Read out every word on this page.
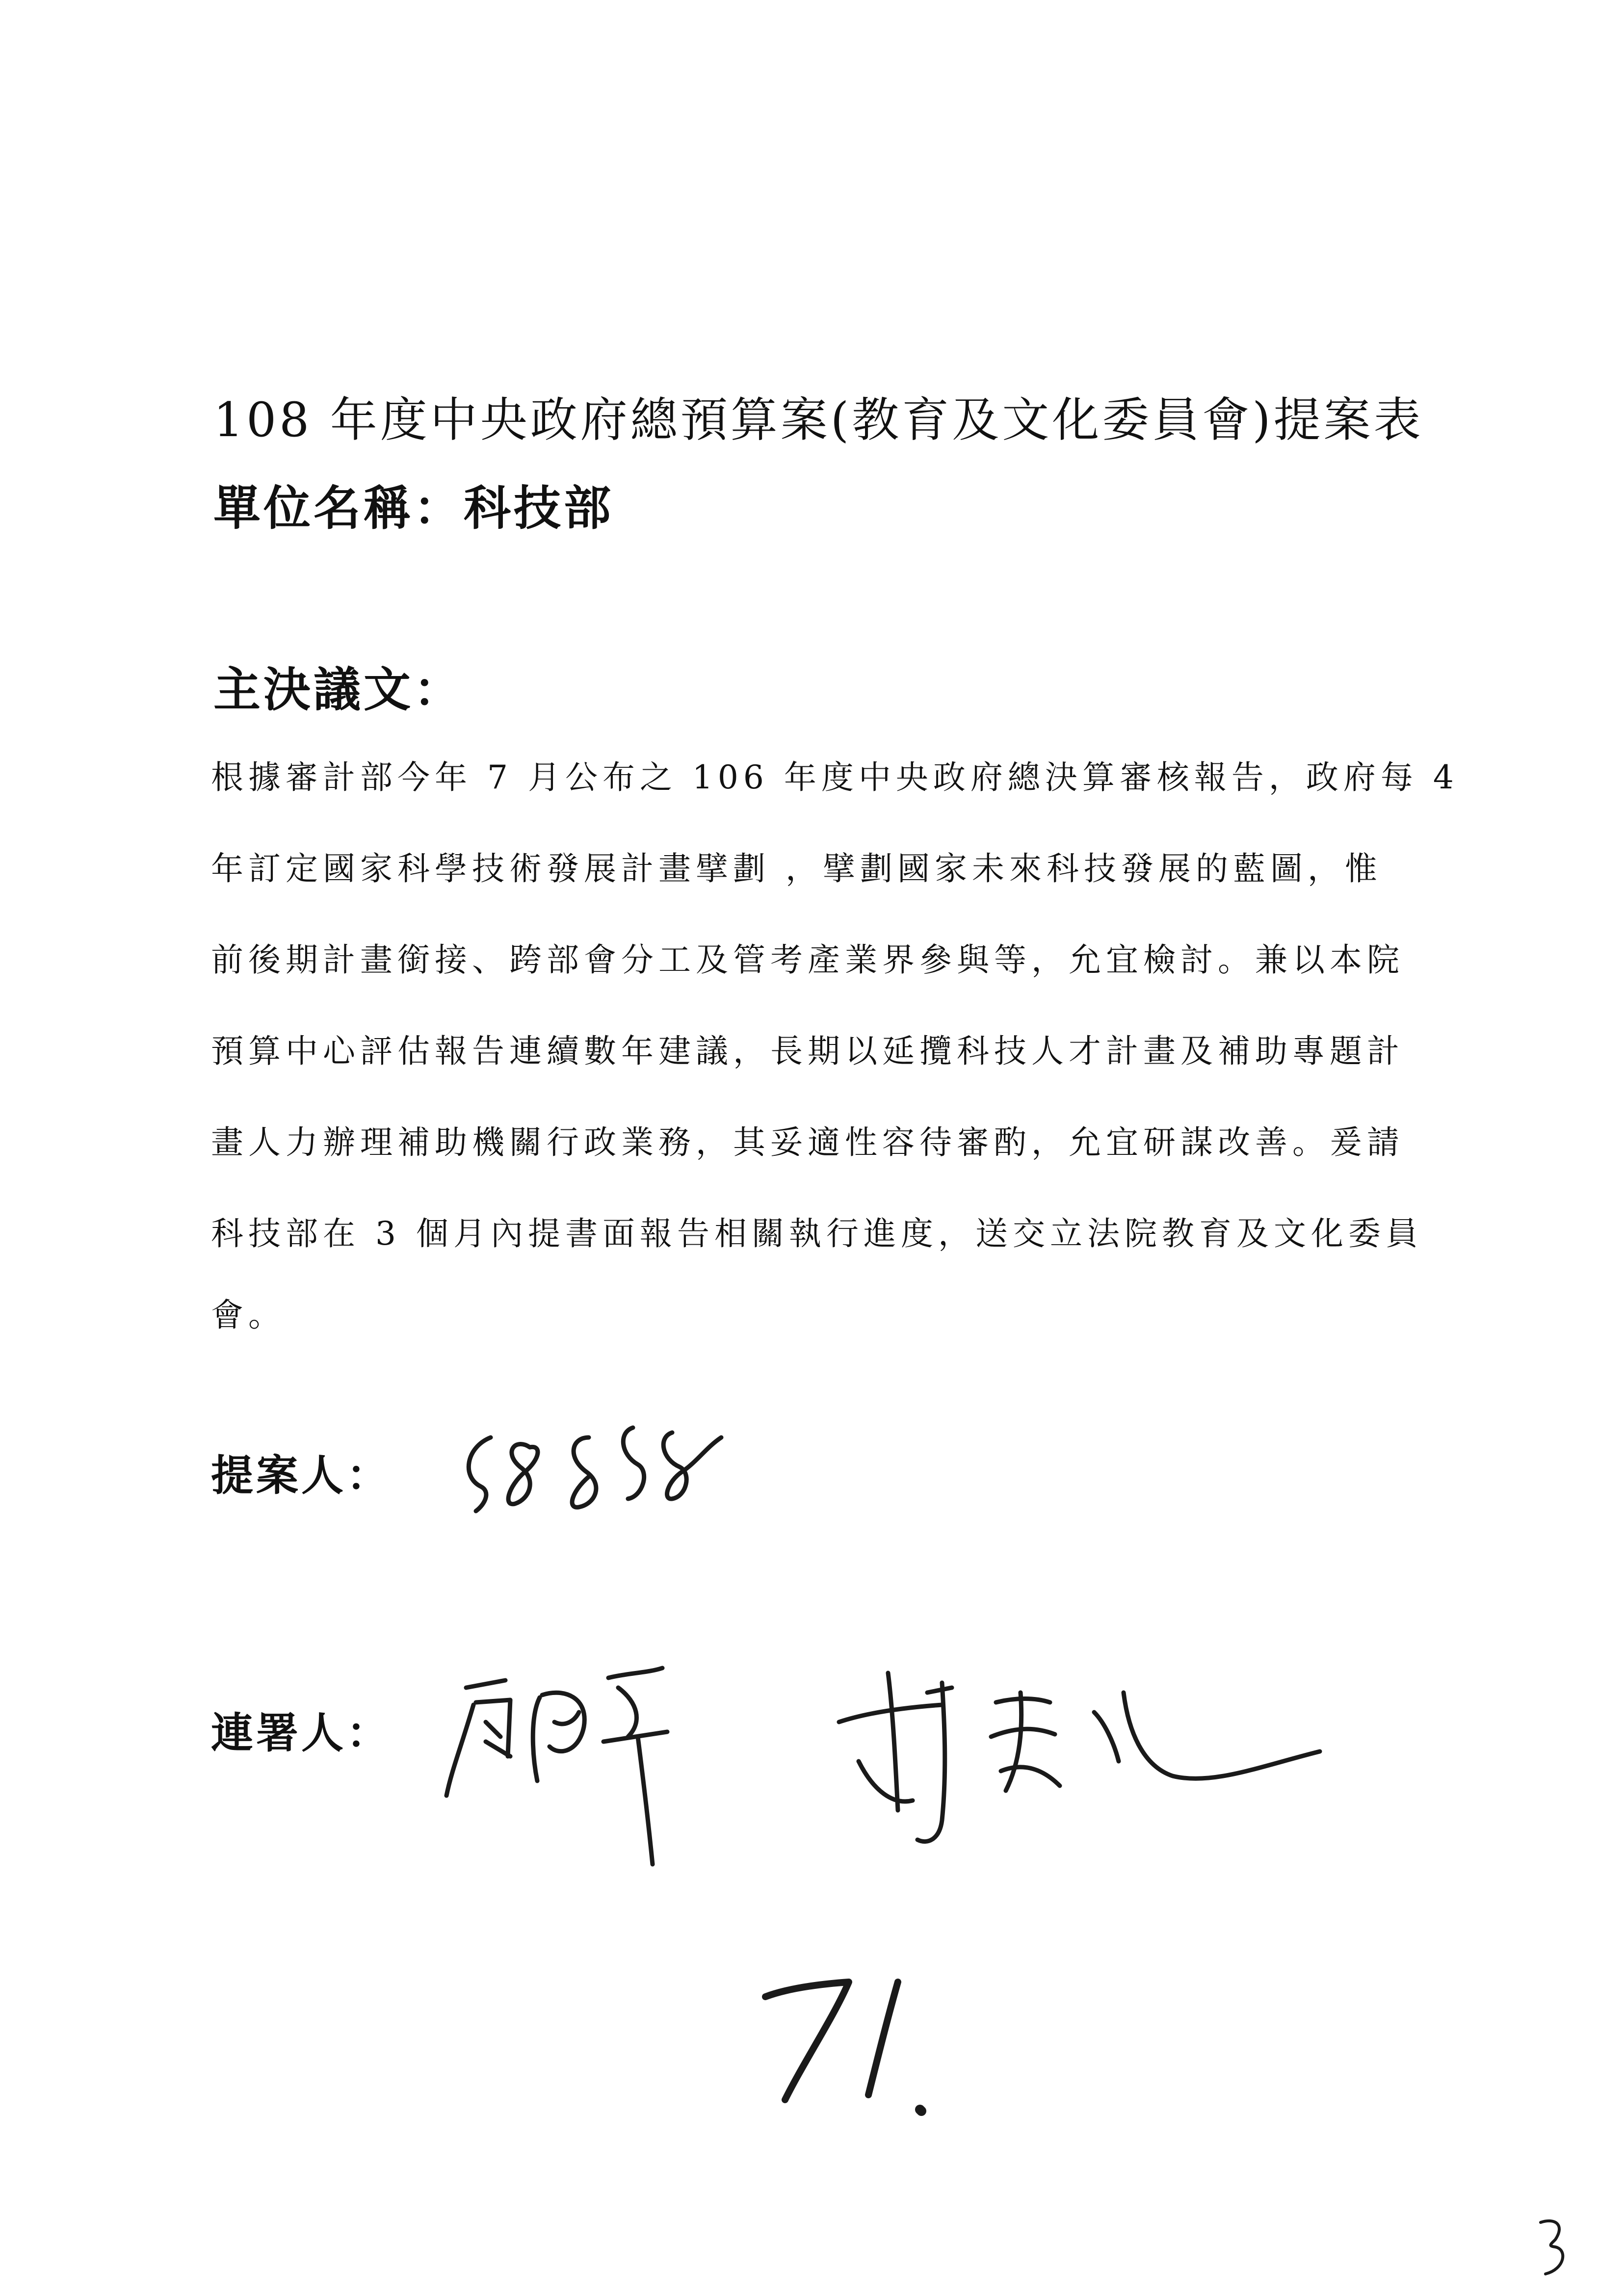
108 年度中央政府總預算案(教育及文化委員會)提案表
單位名稱：科技部
主決議文：
根據審計部今年 7 月公布之 106 年度中央政府總決算審核報告，政府每 4
年訂定國家科學技術發展計畫擘劃 ，擘劃國家未來科技發展的藍圖，惟
前後期計畫銜接、跨部會分工及管考產業界參與等，允宜檢討。兼以本院
預算中心評估報告連續數年建議，長期以延攬科技人才計畫及補助專題計
畫人力辦理補助機關行政業務，其妥適性容待審酌，允宜研謀改善。爰請
科技部在 3 個月內提書面報告相關執行進度，送交立法院教育及文化委員
會。
提案人：
連署人：
